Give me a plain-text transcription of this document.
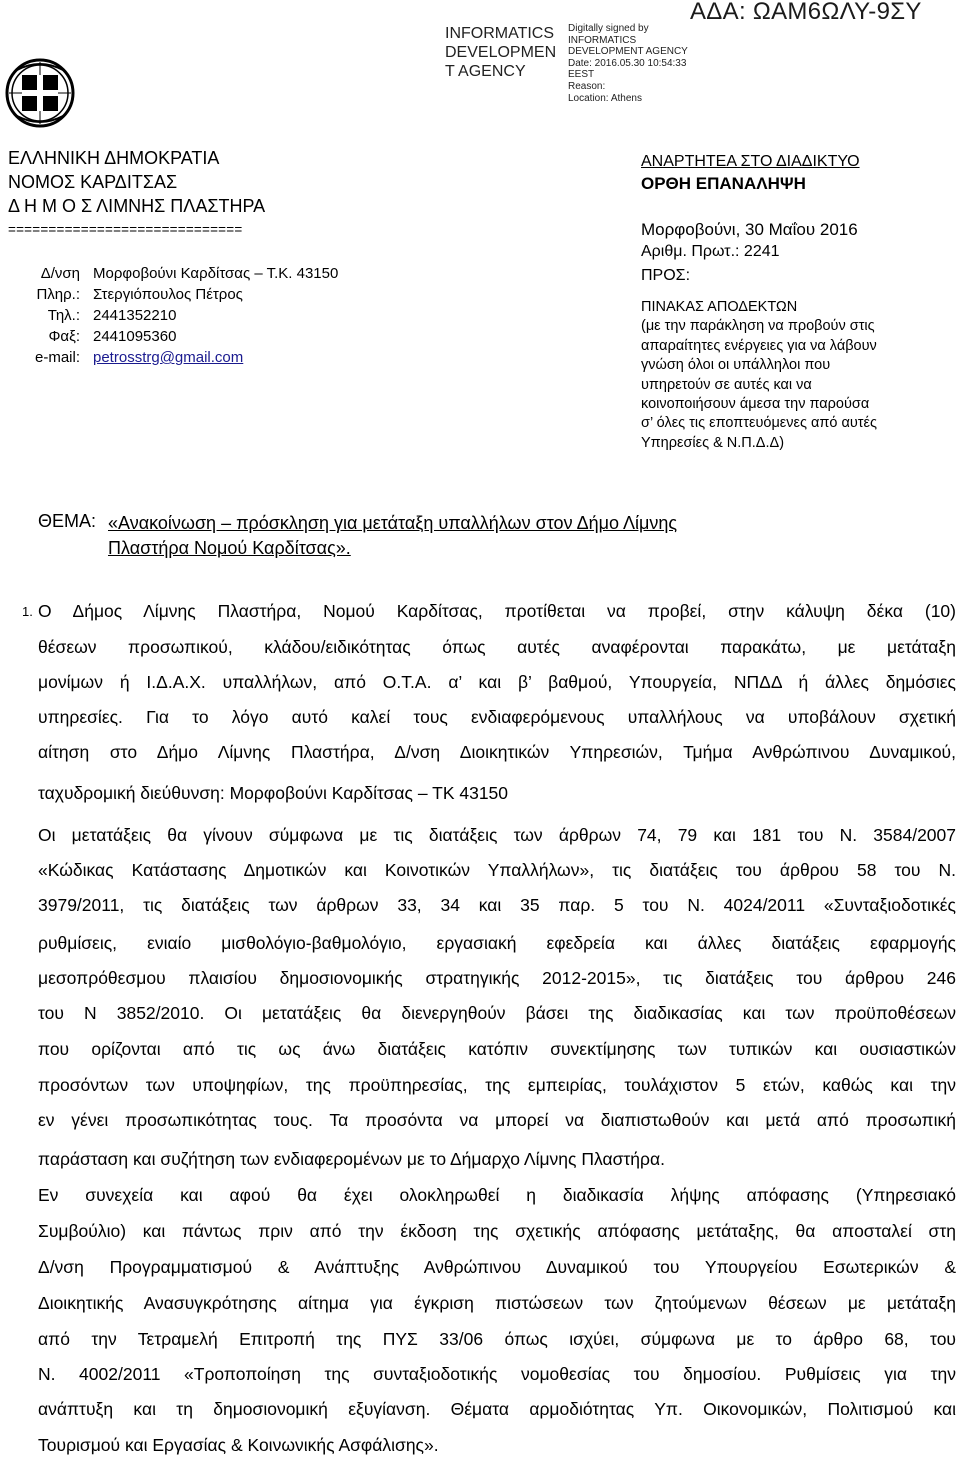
INFORMATICS
DEVELOPMEN
T AGENCY
Digitally signed by
INFORMATICS
DEVELOPMENT AGENCY
Date: 2016.05.30 10:54:33
EEST
Reason:
Location: Athens
ΑΔΑ: ΩΑΜ6ΩΛΥ-9ΣΥ
ΕΛΛΗΝΙΚΗ ΔΗΜΟΚΡΑΤΙΑ
ΝΟΜΟΣ ΚΑΡΔΙΤΣΑΣ
Δ Η Μ Ο Σ ΛΙΜΝΗΣ ΠΛΑΣΤΗΡΑ
=============================
Δ/νση Μορφοβούνι Καρδίτσας – Τ.Κ. 43150
Πληρ.: Στεργιόπουλος Πέτρος
Τηλ.: 2441352210
Φαξ: 2441095360
e-mail: petrosstrg@gmail.com
ΑΝΑΡΤΗΤΕΑ ΣΤΟ ΔΙΑΔΙΚΤΥΟ
ΟΡΘΗ ΕΠΑΝΑΛΗΨΗ
Μορφοβούνι, 30 Μαΐου 2016
Αριθμ. Πρωτ.: 2241
ΠΡΟΣ:
ΠΙΝΑΚΑΣ ΑΠΟΔΕΚΤΩΝ
(με την παράκληση να προβούν στις
απαραίτητες ενέργειες για να λάβουν
γνώση όλοι οι υπάλληλοι που
υπηρετούν σε αυτές και να
κοινοποιήσουν άμεσα την παρούσα
σ’ όλες τις εποπτευόμενες από αυτές
Υπηρεσίες & Ν.Π.Δ.Δ)
ΘΕΜΑ: «Ανακοίνωση – πρόσκληση για μετάταξη υπαλλήλων στον Δήμο Λίμνης
Πλαστήρα Νομού Καρδίτσας».
1. Ο Δήμος Λίμνης Πλαστήρα, Νομού Καρδίτσας, προτίθεται να προβεί, στην κάλυψη δέκα (10)
θέσεων προσωπικού, κλάδου/ειδικότητας όπως αυτές αναφέρονται παρακάτω, με μετάταξη
μονίμων ή Ι.Δ.Α.Χ. υπαλλήλων, από Ο.Τ.Α. α’ και β’ βαθμού, Υπουργεία, ΝΠΔΔ ή άλλες δημόσιες
υπηρεσίες. Για το λόγο αυτό καλεί τους ενδιαφερόμενους υπαλλήλους να υποβάλουν σχετική
αίτηση στο Δήμο Λίμνης Πλαστήρα, Δ/νση Διοικητικών Υπηρεσιών, Τμήμα Ανθρώπινου Δυναμικού,
ταχυδρομική διεύθυνση: Μορφοβούνι Καρδίτσας – ΤΚ 43150
Οι μετατάξεις θα γίνουν σύμφωνα με τις διατάξεις των άρθρων 74, 79 και 181 του Ν. 3584/2007
«Κώδικας Κατάστασης Δημοτικών και Κοινοτικών Υπαλλήλων», τις διατάξεις του άρθρου 58 του Ν.
3979/2011, τις διατάξεις των άρθρων 33, 34 και 35 παρ. 5 του Ν. 4024/2011 «Συνταξιοδοτικές
ρυθμίσεις, ενιαίο μισθολόγιο-βαθμολόγιο, εργασιακή εφεδρεία και άλλες διατάξεις εφαρμογής
μεσοπρόθεσμου πλαισίου δημοσιονομικής στρατηγικής 2012-2015», τις διατάξεις του άρθρου 246
του Ν 3852/2010. Οι μετατάξεις θα διενεργηθούν βάσει της διαδικασίας και των προϋποθέσεων
που ορίζονται από τις ως άνω διατάξεις κατόπιν συνεκτίμησης των τυπικών και ουσιαστικών
προσόντων των υποψηφίων, της προϋπηρεσίας, της εμπειρίας, τουλάχιστον 5 ετών, καθώς και την
εν γένει προσωπικότητας τους. Τα προσόντα να μπορεί να διαπιστωθούν και μετά από προσωπική
παράσταση και συζήτηση των ενδιαφερομένων με το Δήμαρχο Λίμνης Πλαστήρα.
Εν συνεχεία και αφού θα έχει ολοκληρωθεί η διαδικασία λήψης απόφασης (Υπηρεσιακό
Συμβούλιο) και πάντως πριν από την έκδοση της σχετικής απόφασης μετάταξης, θα αποσταλεί στη
Δ/νση Προγραμματισμού & Ανάπτυξης Ανθρώπινου Δυναμικού του Υπουργείου Εσωτερικών &
Διοικητικής Ανασυγκρότησης αίτημα για έγκριση πιστώσεων των ζητούμενων θέσεων με μετάταξη
από την Τετραμελή Επιτροπή της ΠΥΣ 33/06 όπως ισχύει, σύμφωνα με το άρθρο 68, του
Ν. 4002/2011 «Τροποποίηση της συνταξιοδοτικής νομοθεσίας του δημοσίου. Ρυθμίσεις για την
ανάπτυξη και τη δημοσιονομική εξυγίανση. Θέματα αρμοδιότητας Υπ. Οικονομικών, Πολιτισμού και
Τουρισμού και Εργασίας & Κοινωνικής Ασφάλισης».
